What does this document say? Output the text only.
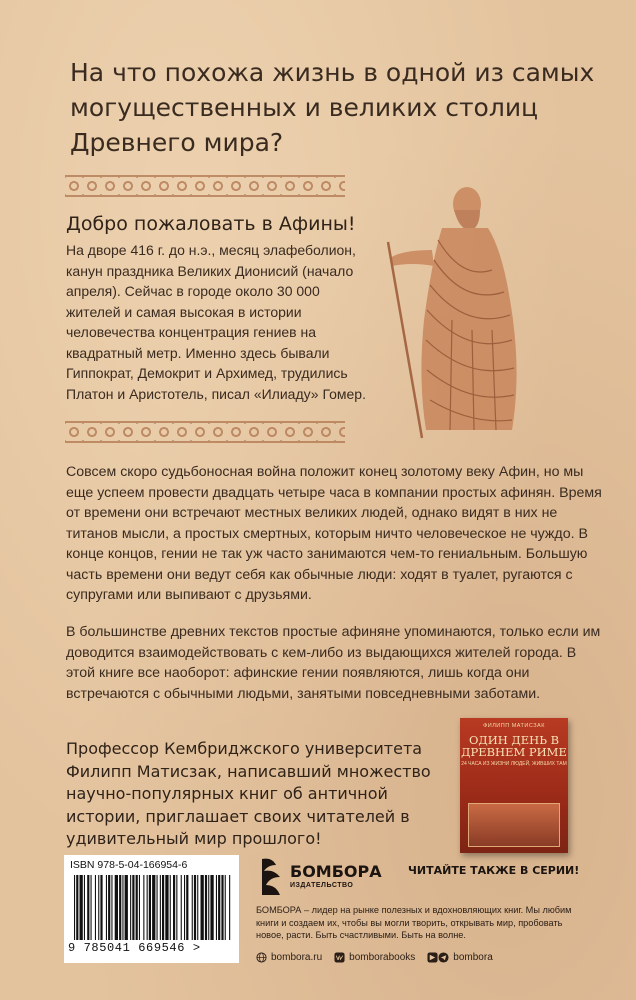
На что похожа жизнь в одной из самых могущественных и великих столиц Древнего мира?
Добро пожаловать в Афины!
На дворе 416 г. до н.э., месяц элафеболион, канун праздника Великих Дионисий (начало апреля). Сейчас в городе около 30 000 жителей и самая высокая в истории человечества концентрация гениев на квадратный метр. Именно здесь бывали Гиппократ, Демокрит и Архимед, трудились Платон и Аристотель, писал «Илиаду» Гомер.

Совсем скоро судьбоносная война положит конец золотому веку Афин, но мы еще успеем провести двадцать четыре часа в компании простых афинян. Время от времени они встречают местных великих людей, однако видят в них не титанов мысли, а простых смертных, которым ничто человеческое не чуждо. В конце концов, гении не так уж часто занимаются чем-то гениальным. Большую часть времени они ведут себя как обычные люди: ходят в туалет, ругаются с супругами или выпивают с друзьями.

В большинстве древних текстов простые афиняне упоминаются, только если им доводится взаимодействовать с кем-либо из выдающихся жителей города. В этой книге все наоборот: афинские гении появляются, лишь когда они встречаются с обычными людьми, занятыми повседневными заботами.

Профессор Кембриджского университета Филипп Матисзак, написавший множество научно-популярных книг об античной истории, приглашает своих читателей в удивительный мир прошлого!

ФИЛИПП МАТИСЗАК
ОДИН ДЕНЬ В ДРЕВНЕМ РИМЕ
24 ЧАСА ИЗ ЖИЗНИ ЛЮДЕЙ, ЖИВШИХ ТАМ
ISBN 978-5-04-166954-6
9 785041 669546 >
БОМБОРА
ИЗДАТЕЛЬСТВО
ЧИТАЙТЕ ТАКЖЕ В СЕРИИ!
БОМБОРА – лидер на рынке полезных и вдохновляющих книг. Мы любим книги и создаем их, чтобы вы могли творить, открывать мир, пробовать новое, расти. Быть счастливыми. Быть на волне.
bombora.ru	bomborabooks	bombora
